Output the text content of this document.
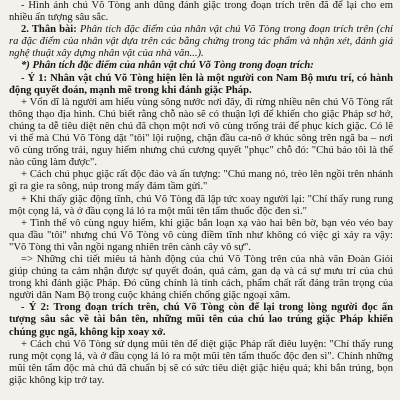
- Hình ảnh chú Võ Tòng anh dũng đánh giặc trong đoạn trích trên đã để lại cho em nhiều ấn tượng sâu sắc.

2. Thân bài: Phân tích đặc điểm của nhân vật chú Võ Tòng trong đoạn trích trên (chỉ ra đặc điểm của nhân vật dựa trên các bằng chứng trong tác phẩm và nhận xét, đánh giá nghệ thuật xây dựng nhân vật của nhà văn...).

*) Phân tích đặc điểm của nhân vật chú Võ Tòng trong đoạn trích:

- Ý 1: Nhân vật chú Võ Tòng hiện lên là một người con Nam Bộ mưu trí, có hành động quyết đoán, mạnh mẽ trong khi đánh giặc Pháp.

+ Vốn dĩ là người am hiểu vùng sông nước nơi đây, đi rừng nhiều nên chú Võ Tòng rất thông thạo địa hình. Chú biết rằng chỗ nào sẽ có thuận lợi để khiến cho giặc Pháp sơ hở, chúng ta dễ tiêu diệt nên chú đã chọn một nơi vô cùng trống trải để phục kích giặc. Có lẽ vì thế mà Chú Võ Tòng dặt "tôi" lội ruộng, chặn đầu ca-nô ở khúc sông trên ngã ba – nơi vô cùng trống trải, nguy hiểm nhưng chú cương quyết "phục" chỗ đó: "Chú bảo tôi là thế nào cũng làm được".

+ Cách chú phục giặc rất độc đáo và ấn tượng: "Chú mang nó, trèo lên ngồi trên nhánh gì ra gie ra sông, núp trong mấy đám tầm gửi."

+ Khi thấy giặc động tĩnh, chú Võ Tòng đã lập tức xoay người lại: "Chí thấy rung rung một cọng lá, và ở đầu cọng lá ló ra một mũi tên tẩm thuốc độc đen sì."

+ Tình thế vô cùng nguy hiểm, khi giặc bắn loạn xạ vào hai bên bờ, bạn véo véo bay qua đầu "tôi" nhưng chú Võ Tòng vô cùng điềm tĩnh như không có việc gì xảy ra vậy: "Võ Tòng thì vẫn ngồi ngang nhiên trên cành cây vô sự".

=> Những chi tiết miêu tả hành động của chú Võ Tòng trên của nhà văn Đoàn Giỏi giúp chúng ta cảm nhận được sự quyết đoán, quả cảm, gan dạ và cả sự mưu trí của chú trong khi đánh giặc Pháp. Đó cũng chính là tính cách, phẩm chất rất đáng trân trọng của người dân Nam Bộ trong cuộc kháng chiến chống giặc ngoại xâm.

- Ý 2: Trong đoạn trích trên, chú Võ Tòng còn để lại trong lòng người đọc ấn tượng sâu sắc về tài bắn tên, những mũi tên của chú lao trúng giặc Pháp khiến chúng gục ngã, không kịp xoay xở.

+ Cách chú Võ Tòng sử dụng mũi tên để diệt giặc Pháp rất điêu luyện: "Chí thấy rung rung một cọng lá, và ở đầu cọng lá ló ra một mũi tên tẩm thuốc độc đen sì". Chính những mũi tên tẩm độc mà chú đã chuẩn bị sẽ có sức tiêu diệt giặc hiệu quả; khi bắn trúng, bọn giặc không kịp trở tay.
